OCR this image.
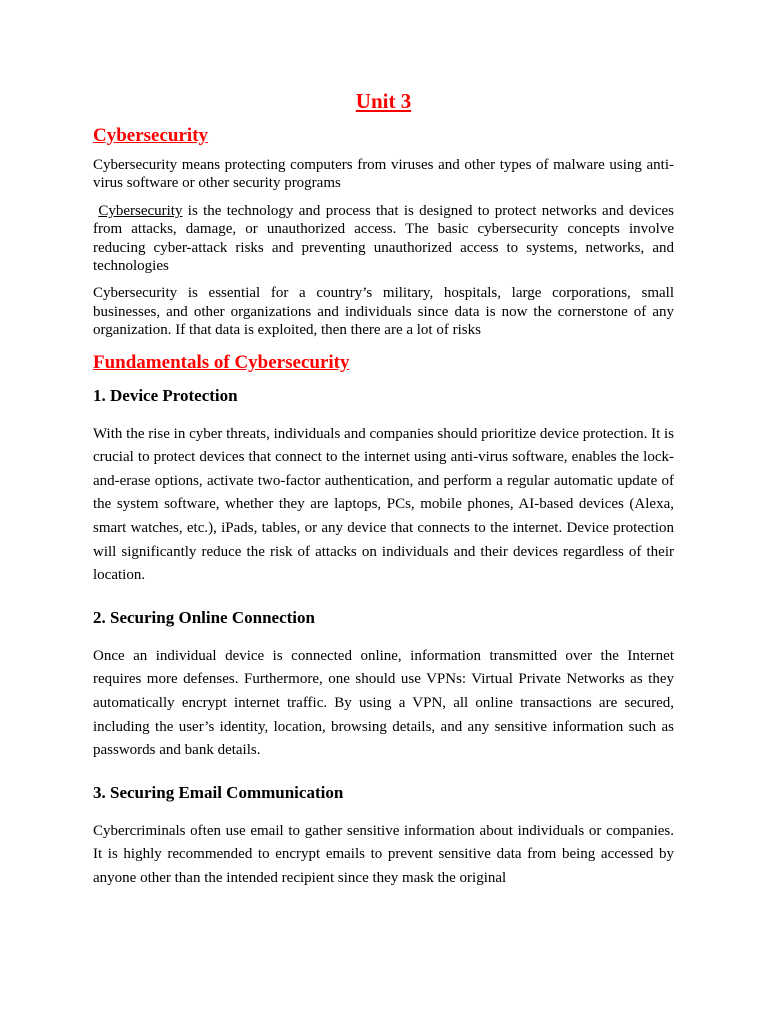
Unit 3
Cybersecurity

Cybersecurity means protecting computers from viruses and other types of malware using anti-virus software or other security programs

Cybersecurity is the technology and process that is designed to protect networks and devices from attacks, damage, or unauthorized access. The basic cybersecurity concepts involve reducing cyber-attack risks and preventing unauthorized access to systems, networks, and technologies

Cybersecurity is essential for a country’s military, hospitals, large corporations, small businesses, and other organizations and individuals since data is now the cornerstone of any organization. If that data is exploited, then there are a lot of risks

Fundamentals of Cybersecurity
1. Device Protection

With the rise in cyber threats, individuals and companies should prioritize device protection. It is crucial to protect devices that connect to the internet using anti-virus software, enables the lock-and-erase options, activate two-factor authentication, and perform a regular automatic update of the system software, whether they are laptops, PCs, mobile phones, AI-based devices (Alexa, smart watches, etc.), iPads, tables, or any device that connects to the internet. Device protection will significantly reduce the risk of attacks on individuals and their devices regardless of their location.

2. Securing Online Connection

Once an individual device is connected online, information transmitted over the Internet requires more defenses. Furthermore, one should use VPNs: Virtual Private Networks as they automatically encrypt internet traffic. By using a VPN, all online transactions are secured, including the user’s identity, location, browsing details, and any sensitive information such as passwords and bank details.

3. Securing Email Communication

Cybercriminals often use email to gather sensitive information about individuals or companies. It is highly recommended to encrypt emails to prevent sensitive data from being accessed by anyone other than the intended recipient since they mask the original
